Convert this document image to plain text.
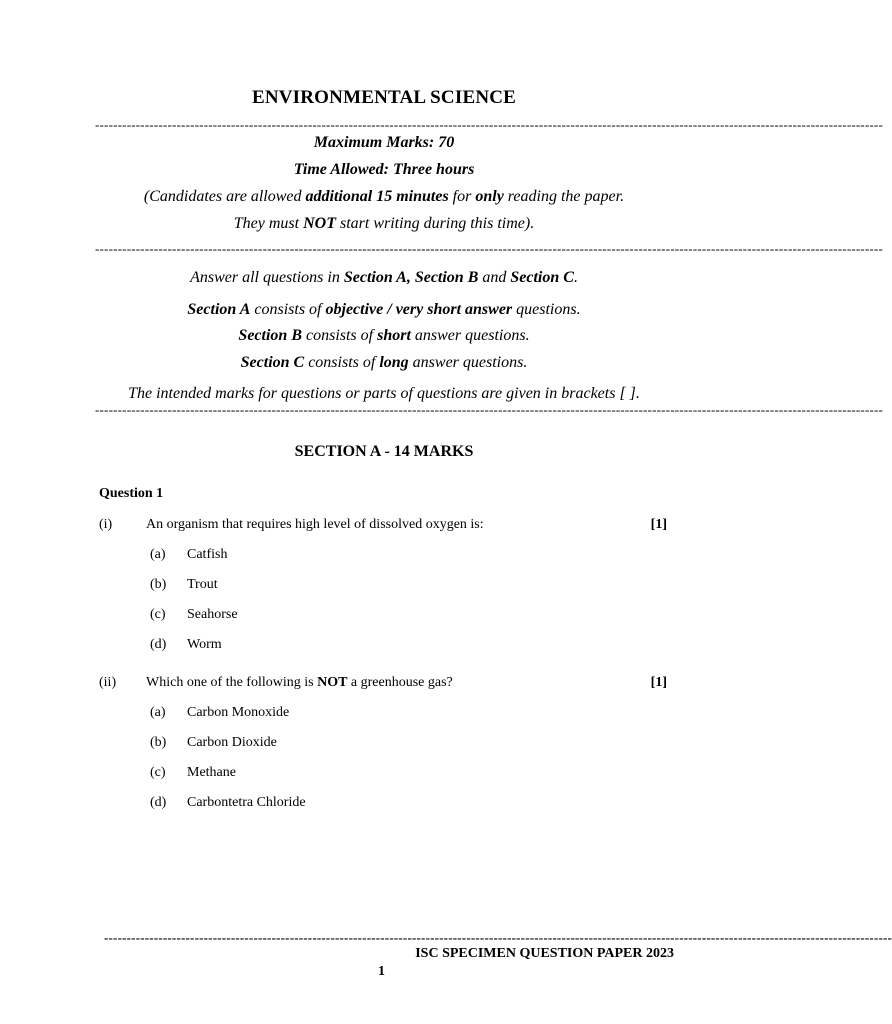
ENVIRONMENTAL SCIENCE
------------------------------------------------------------------------------------------------------------------------------------------------------------------------------
Maximum Marks: 70
Time Allowed: Three hours
(Candidates are allowed additional 15 minutes for only reading the paper.
They must NOT start writing during this time).
------------------------------------------------------------------------------------------------------------------------------------------------------------------------------
Answer all questions in Section A, Section B and Section C.
Section A consists of objective / very short answer questions.
Section B consists of short answer questions.
Section C consists of long answer questions.
The intended marks for questions or parts of questions are given in brackets [ ].
------------------------------------------------------------------------------------------------------------------------------------------------------------------------------
SECTION A - 14 MARKS
Question 1
(i) An organism that requires high level of dissolved oxygen is:	[1]
(a) Catfish
(b) Trout
(c) Seahorse
(d) Worm
(ii) Which one of the following is NOT a greenhouse gas?	[1]
(a) Carbon Monoxide
(b) Carbon Dioxide
(c) Methane
(d) Carbontetra Chloride
------------------------------------------------------------------------------------------------------------------------------------------------------------------------------
ISC SPECIMEN QUESTION PAPER 2023
1
